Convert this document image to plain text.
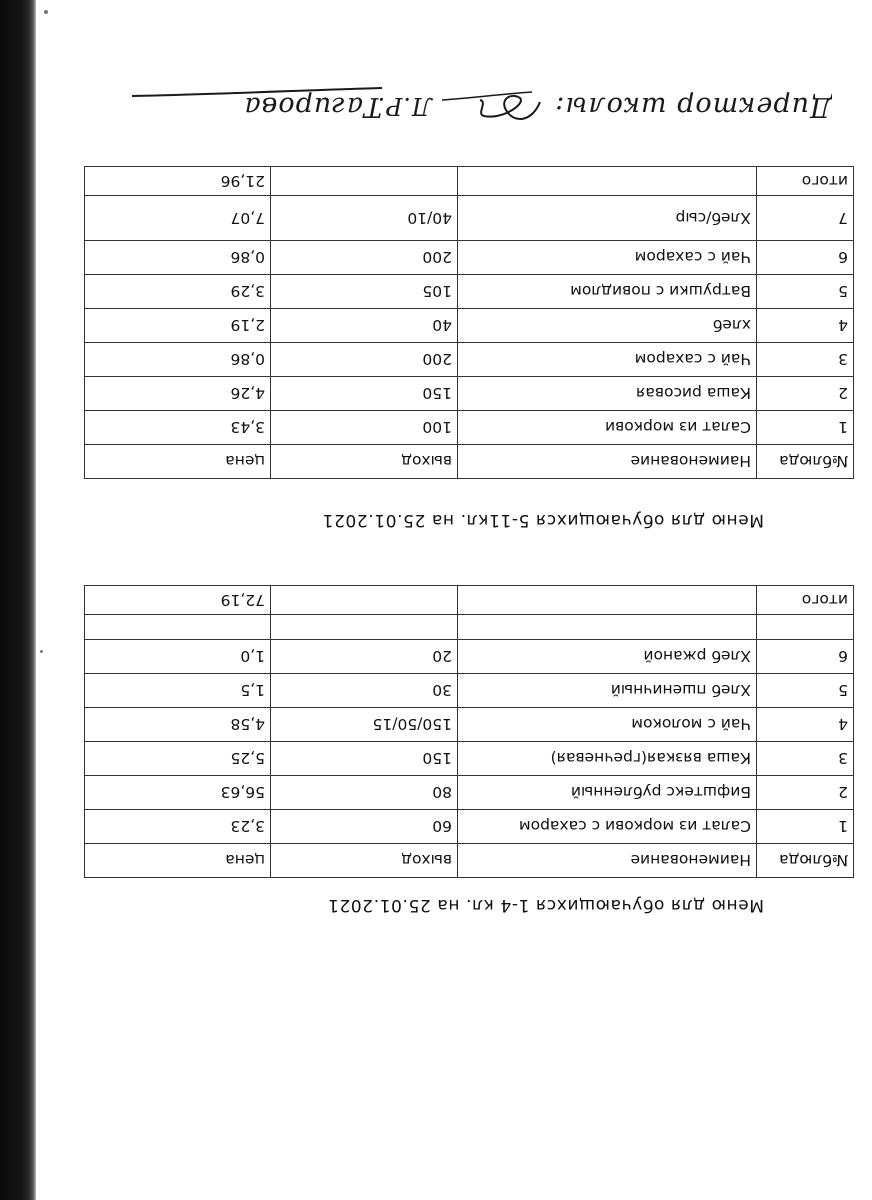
Меню для обучающихся 1-4 кл. на 25.01.2021
№блюда	Наименование	выход	цена
1	Салат из моркови с сахаром	60	3,23
2	Бифштекс рубленный	80	56,63
3	Каша вязкая(гречневая)	150	5,25
4	Чай с молоком	150/50/15	4,58
5	Хлеб пшеничный	30	1,5
6	Хлеб ржаной	20	1,0

итого			72,19
Меню для обучающихся 5-11кл. на 25.01.2021
№блюда	Наименование	выход	цена
1	Салат из моркови	100	3,43
2	Каша рисовая	150	4,26
3	Чай с сахаром	200	0,86
4	хлеб	40	2,19
5	Ватрушки с повидлом	105	3,29
6	Чай с сахаром	200	0,86
7	Хлеб/сыр	40/10	7,07
итого			21,96
Директор школы:
Л.Р.
Тагирова
